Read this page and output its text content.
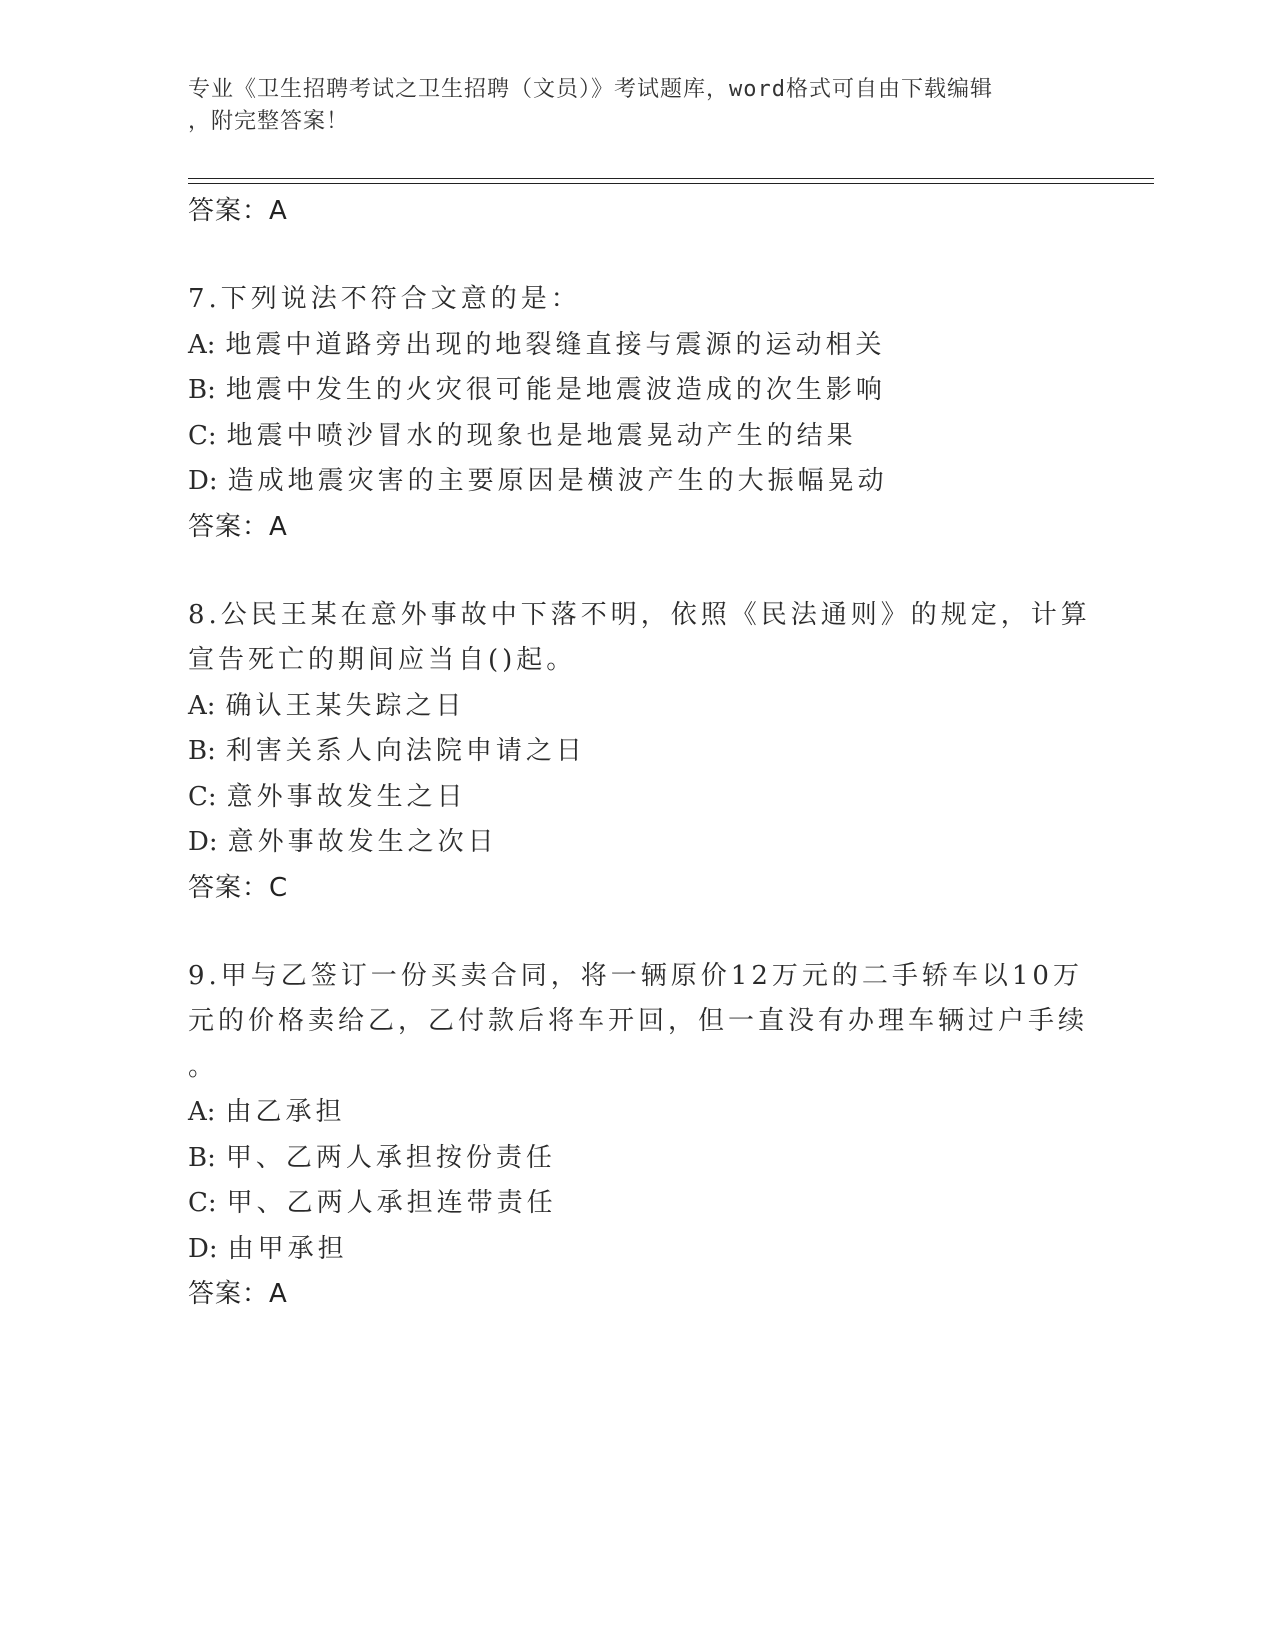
专业《卫生招聘考试之卫生招聘（文员）》考试题库，word格式可自由下载编辑
，附完整答案！
答案：A
7.下列说法不符合文意的是：
A: 地震中道路旁出现的地裂缝直接与震源的运动相关
B: 地震中发生的火灾很可能是地震波造成的次生影响
C: 地震中喷沙冒水的现象也是地震晃动产生的结果
D: 造成地震灾害的主要原因是横波产生的大振幅晃动
答案：A
8.公民王某在意外事故中下落不明，依照《民法通则》的规定，计算
宣告死亡的期间应当自()起。
A: 确认王某失踪之日
B: 利害关系人向法院申请之日
C: 意外事故发生之日
D: 意外事故发生之次日
答案：C
9.甲与乙签订一份买卖合同，将一辆原价12万元的二手轿车以10万
元的价格卖给乙，乙付款后将车开回，但一直没有办理车辆过户手续
。
A: 由乙承担
B: 甲、乙两人承担按份责任
C: 甲、乙两人承担连带责任
D: 由甲承担
答案：A
